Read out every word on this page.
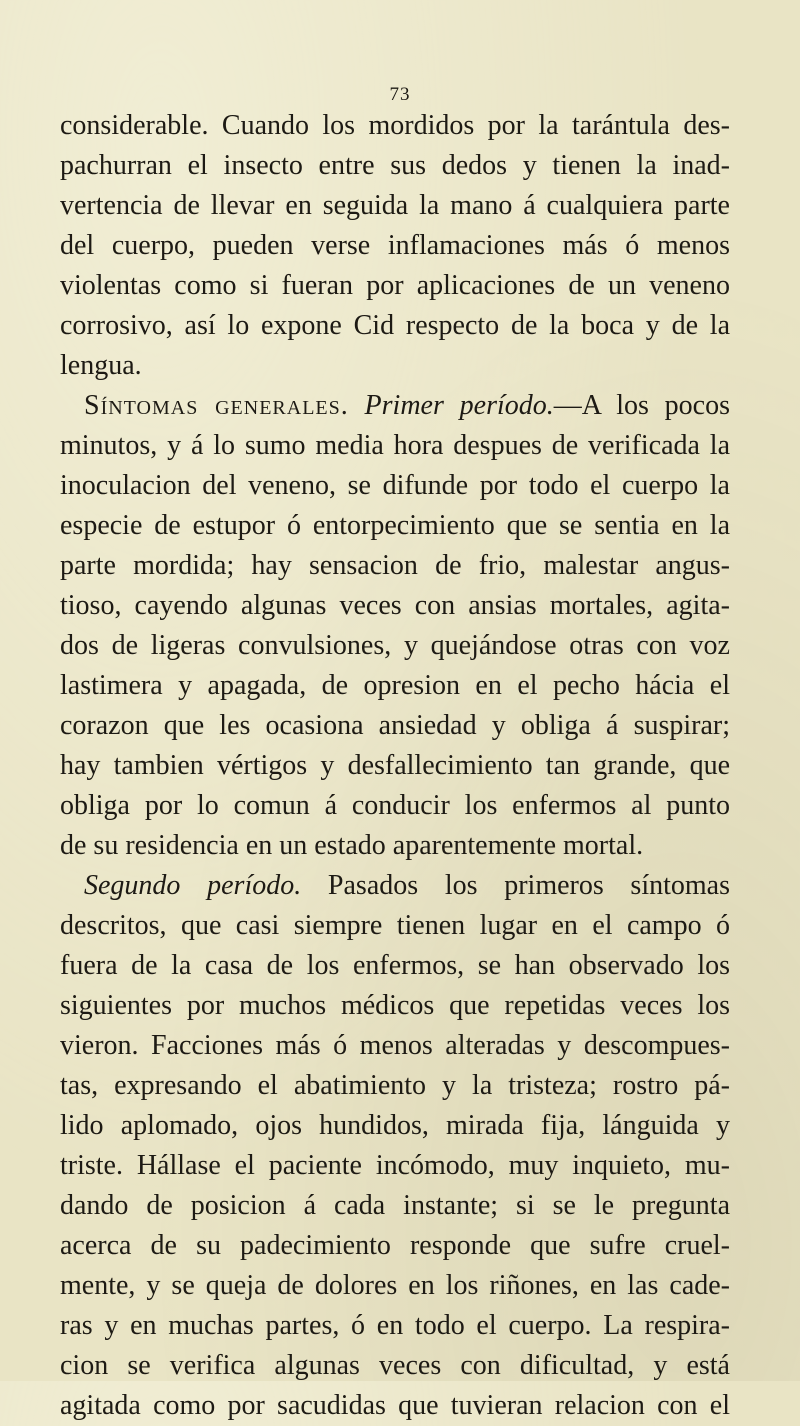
73
considerable. Cuando los mordidos por la tarántula des-
pachurran el insecto entre sus dedos y tienen la inad-
vertencia de llevar en seguida la mano á cualquiera parte
del cuerpo, pueden verse inflamaciones más ó menos
violentas como si fueran por aplicaciones de un veneno
corrosivo, así lo expone Cid respecto de la boca y de la
lengua.
Síntomas generales. Primer período.—A los pocos
minutos, y á lo sumo media hora despues de verificada la
inoculacion del veneno, se difunde por todo el cuerpo la
especie de estupor ó entorpecimiento que se sentia en la
parte mordida; hay sensacion de frio, malestar angus-
tioso, cayendo algunas veces con ansias mortales, agita-
dos de ligeras convulsiones, y quejándose otras con voz
lastimera y apagada, de opresion en el pecho hácia el
corazon que les ocasiona ansiedad y obliga á suspirar;
hay tambien vértigos y desfallecimiento tan grande, que
obliga por lo comun á conducir los enfermos al punto
de su residencia en un estado aparentemente mortal.
Segundo período. Pasados los primeros síntomas
descritos, que casi siempre tienen lugar en el campo ó
fuera de la casa de los enfermos, se han observado los
siguientes por muchos médicos que repetidas veces los
vieron. Facciones más ó menos alteradas y descompues-
tas, expresando el abatimiento y la tristeza; rostro pá-
lido aplomado, ojos hundidos, mirada fija, lánguida y
triste. Hállase el paciente incómodo, muy inquieto, mu-
dando de posicion á cada instante; si se le pregunta
acerca de su padecimiento responde que sufre cruel-
mente, y se queja de dolores en los riñones, en las cade-
ras y en muchas partes, ó en todo el cuerpo. La respira-
cion se verifica algunas veces con dificultad, y está
agitada como por sacudidas que tuvieran relacion con el
